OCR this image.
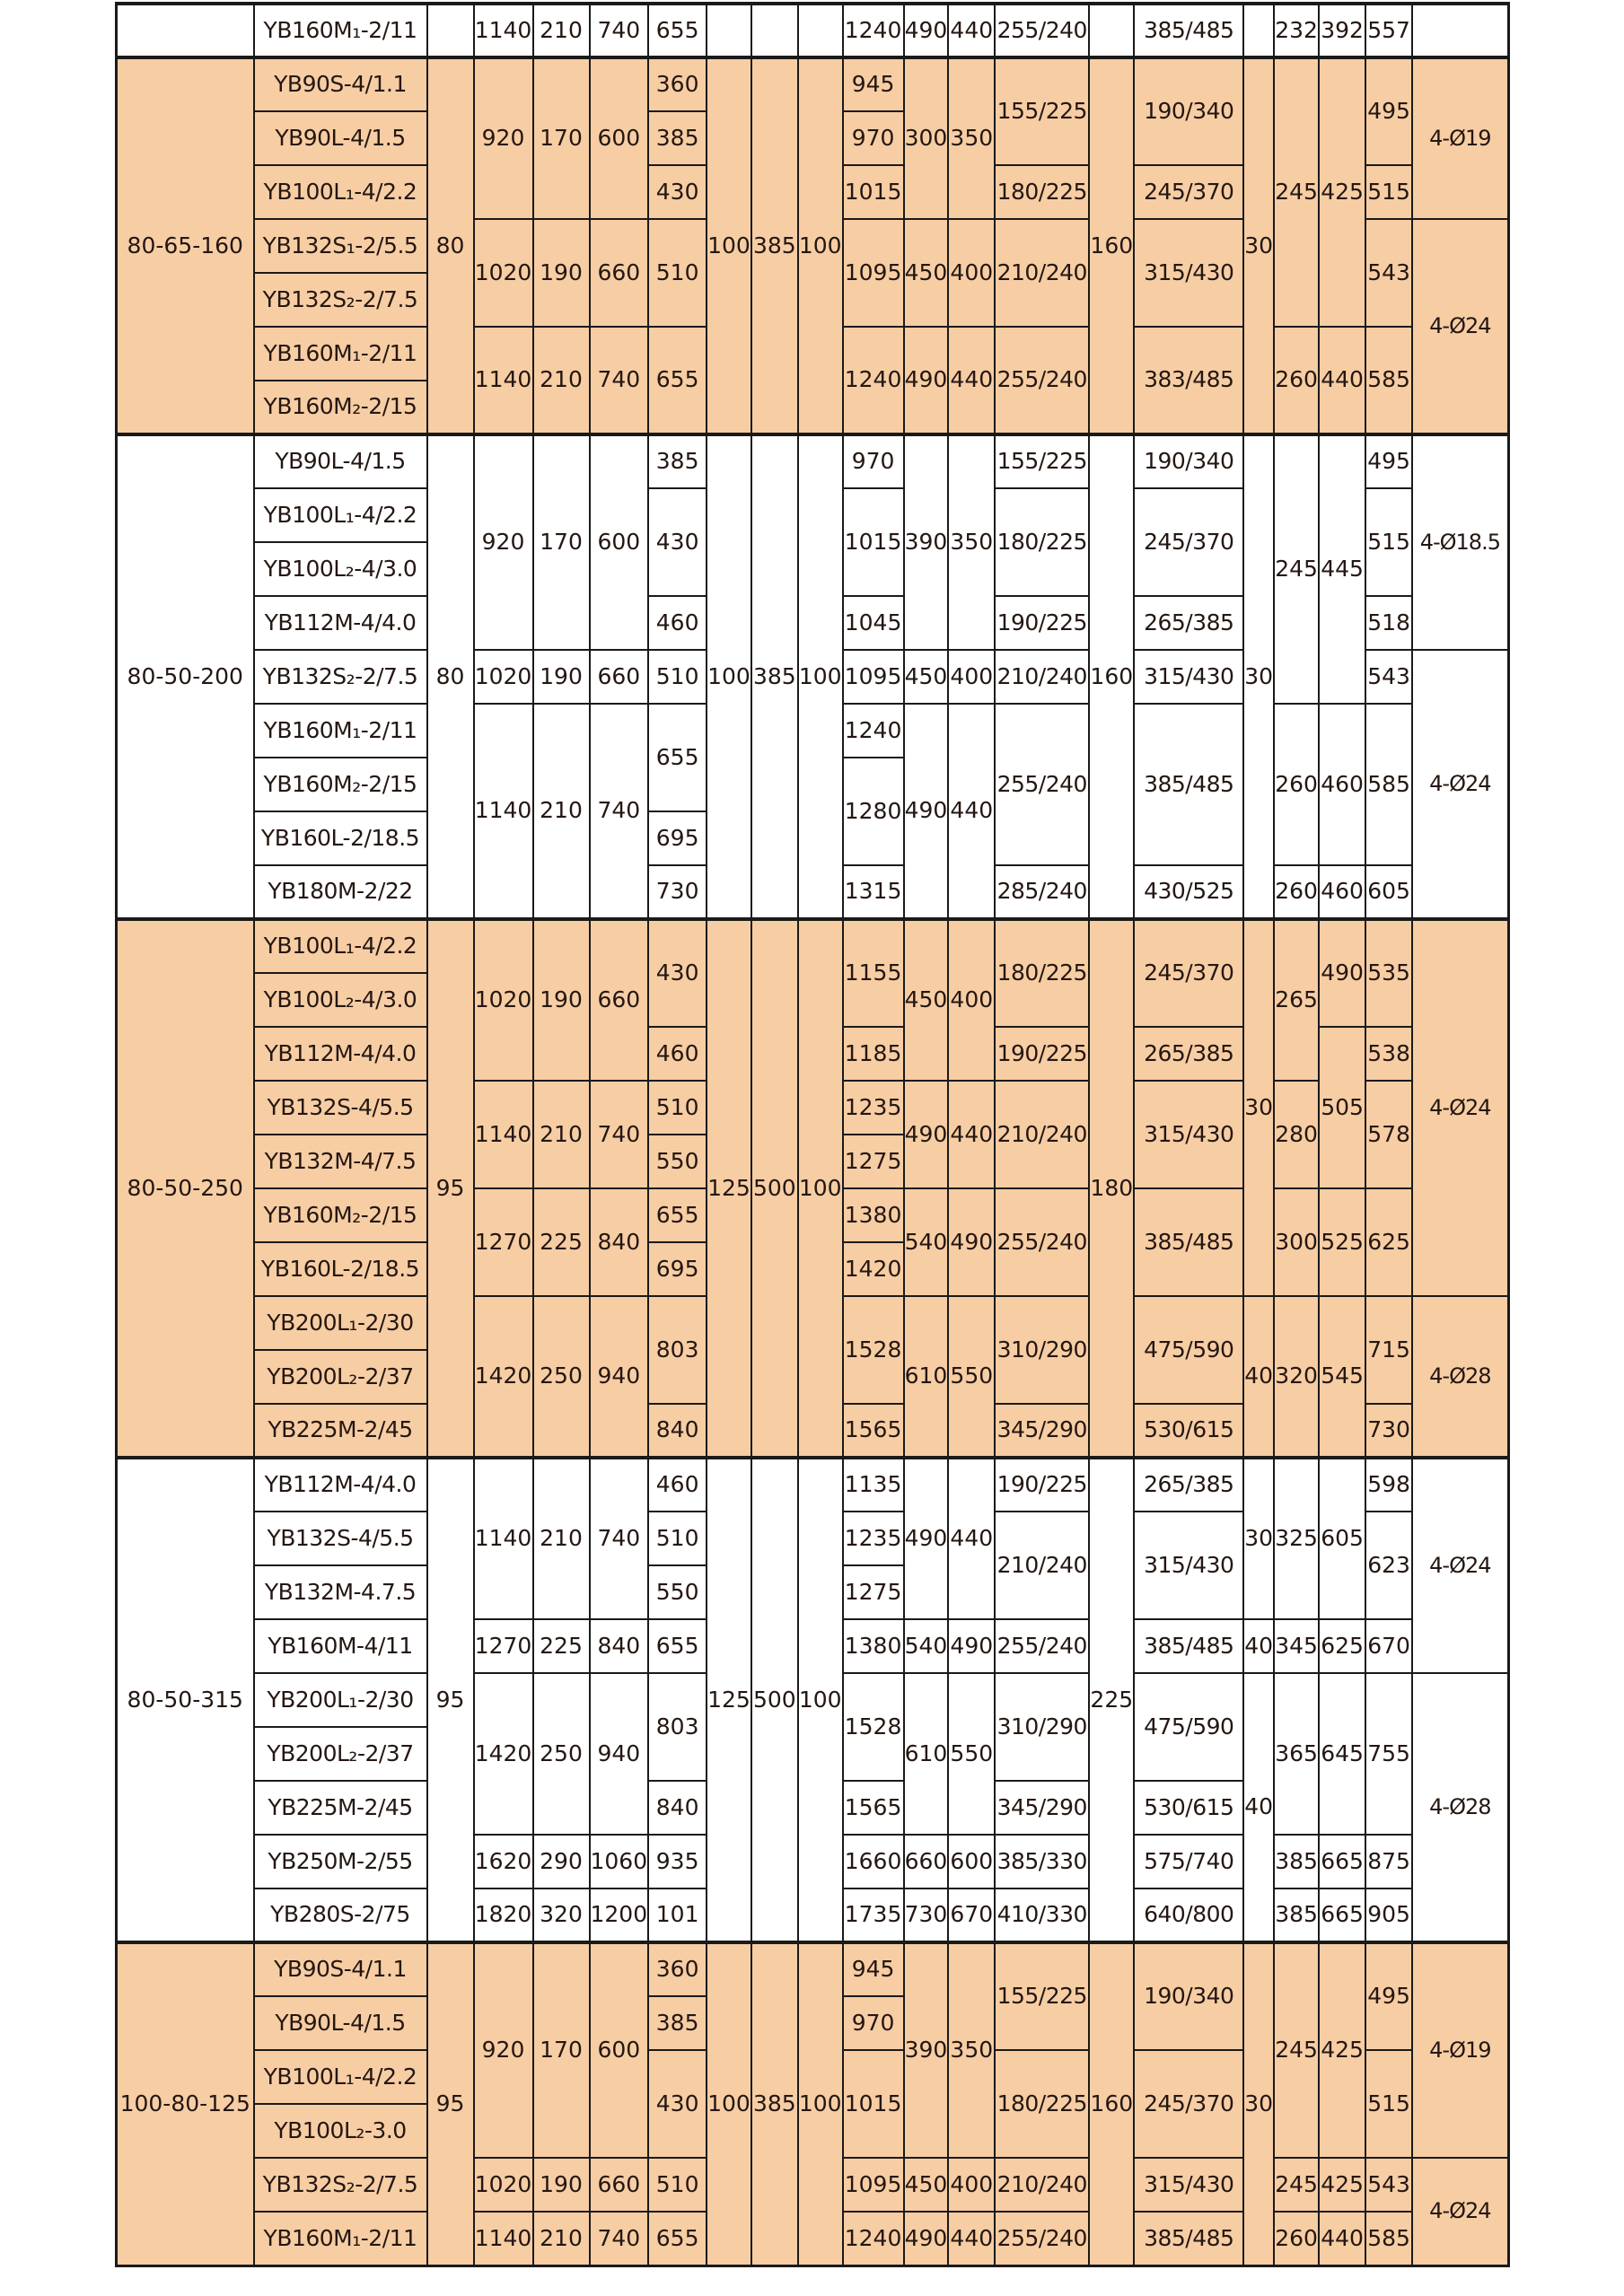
	YB160M₁-2/11		1140	210	740	655				1240	490	440	255/240		385/485		232	392	557	
80-65-160	YB90S-4/1.1	80	920	170	600	360	100	385	100	945	300	350	155/225	160	190/340	30	245	425	495	4-Ø19
	YB90L-4/1.5					385				970										
	YB100L₁-4/2.2					430				1015			180/225		245/370				515	
	YB132S₁-2/5.5		1020	190	660	510				1095	450	400	210/240		315/430				543	4-Ø24
	YB132S₂-2/7.5																			
	YB160M₁-2/11		1140	210	740	655				1240	490	440	255/240		383/485		260	440	585	
	YB160M₂-2/15																			
80-50-200	YB90L-4/1.5	80	920	170	600	385	100	385	100	970	390	350	155/225	160	190/340	30	245	445	495	4-Ø18.5
	YB100L₁-4/2.2					430				1015			180/225		245/370				515	
	YB100L₂-4/3.0																			
	YB112M-4/4.0					460				1045			190/225		265/385				518	
	YB132S₂-2/7.5		1020	190	660	510				1095	450	400	210/240		315/430				543	4-Ø24
	YB160M₁-2/11		1140	210	740	655				1240	490	440	255/240		385/485		260	460	585	
	YB160M₂-2/15									1280										
	YB160L-2/18.5					695														
	YB180M-2/22					730				1315			285/240		430/525		260	460	605	
80-50-250	YB100L₁-4/2.2	95	1020	190	660	430	125	500	100	1155	450	400	180/225	180	245/370	30	265	490	535	4-Ø24
	YB100L₂-4/3.0																			
	YB112M-4/4.0					460				1185			190/225		265/385			505	538	
	YB132S-4/5.5		1140	210	740	510				1235	490	440	210/240		315/430		280		578	
	YB132M-4/7.5					550				1275										
	YB160M₂-2/15		1270	225	840	655				1380	540	490	255/240		385/485		300	525	625	
	YB160L-2/18.5					695				1420										
	YB200L₁-2/30		1420	250	940	803				1528	610	550	310/290		475/590	40	320	545	715	4-Ø28
	YB200L₂-2/37																			
	YB225M-2/45					840				1565			345/290		530/615				730	
80-50-315	YB112M-4/4.0	95	1140	210	740	460	125	500	100	1135	490	440	190/225	225	265/385	30	325	605	598	4-Ø24
	YB132S-4/5.5					510				1235			210/240		315/430				623	
	YB132M-4.7.5					550				1275										
	YB160M-4/11		1270	225	840	655				1380	540	490	255/240		385/485	40	345	625	670	
	YB200L₁-2/30		1420	250	940	803				1528	610	550	310/290		475/590	40	365	645	755	4-Ø28
	YB200L₂-2/37																			
	YB225M-2/45					840				1565			345/290		530/615					
	YB250M-2/55		1620	290	1060	935				1660	660	600	385/330		575/740		385	665	875	
	YB280S-2/75		1820	320	1200	101				1735	730	670	410/330		640/800		385	665	905	
100-80-125	YB90S-4/1.1	95	920	170	600	360	100	385	100	945	390	350	155/225	160	190/340	30	245	425	495	4-Ø19
	YB90L-4/1.5					385				970										
	YB100L₁-4/2.2					430				1015			180/225		245/370				515	
	YB100L₂-3.0																			
	YB132S₂-2/7.5		1020	190	660	510				1095	450	400	210/240		315/430		245	425	543	4-Ø24
	YB160M₁-2/11		1140	210	740	655				1240	490	440	255/240		385/485		260	440	585	
